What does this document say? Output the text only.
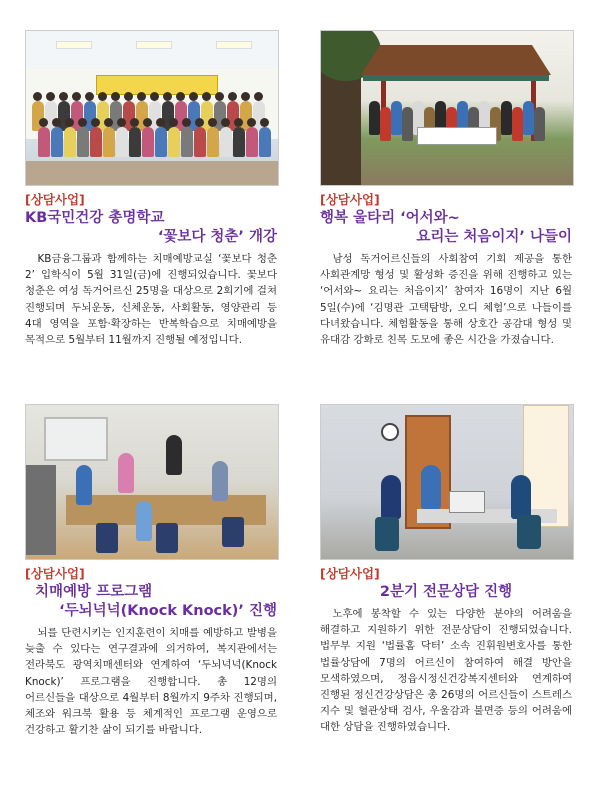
[상담사업]
KB국민건강 총명학교
‘꽃보다 청춘’ 개강
KB금융그룹과 함께하는 치매예방교실 ‘꽃보다 청춘 2’ 입학식이 5월 31일(금)에 진행되었습니다. 꽃보다 청춘은 여성 독거어르신 25명을 대상으로 2회기에 걸쳐 진행되며 두뇌운동, 신체운동, 사회활동, 영양관리 등 4대 영역을 포함·확장하는 반복학습으로 치매예방을 목적으로 5월부터 11월까지 진행될 예정입니다.
[상담사업]
행복 울타리 ‘어서와~
요리는 처음이지’ 나들이
남성 독거어르신들의 사회참여 기회 제공을 통한 사회관계망 형성 및 활성화 증진을 위해 진행하고 있는 ‘어서와~ 요리는 처음이지’ 참여자 16명이 지난 6월 5일(수)에 ‘김명관 고택탐방, 오디 체험’으로 나들이를 다녀왔습니다. 체험활동을 통해 상호간 공감대 형성 및 유대감 강화로 친목 도모에 좋은 시간을 가졌습니다.
[상담사업]
치매예방 프로그램
‘두뇌넉넉(Knock Knock)’ 진행
뇌를 단련시키는 인지훈련이 치매를 예방하고 발병을 늦출 수 있다는 연구결과에 의거하여, 복지관에서는 전라북도 광역치매센터와 연계하여 ‘두뇌넉넉(Knock Knock)’ 프로그램을 진행합니다. 총 12명의 어르신들을 대상으로 4월부터 8월까지 9주차 진행되며, 체조와 워크북 활용 등 체계적인 프로그램 운영으로 건강하고 활기찬 삶이 되기를 바랍니다.
[상담사업]
2분기 전문상담 진행
노후에 봉착할 수 있는 다양한 분야의 어려움을 해결하고 지원하기 위한 전문상담이 진행되었습니다. 법무부 지원 ‘법률홈 닥터’ 소속 진휘원변호사를 통한 법률상담에 7명의 어르신이 참여하여 해결 방안을 모색하였으며, 정읍시정신건강복지센터와 연계하여 진행된 정신건강상담은 총 26명의 어르신들이 스트레스 지수 및 혈관상태 검사, 우울감과 불면증 등의 어려움에 대한 상담을 진행하였습니다.
